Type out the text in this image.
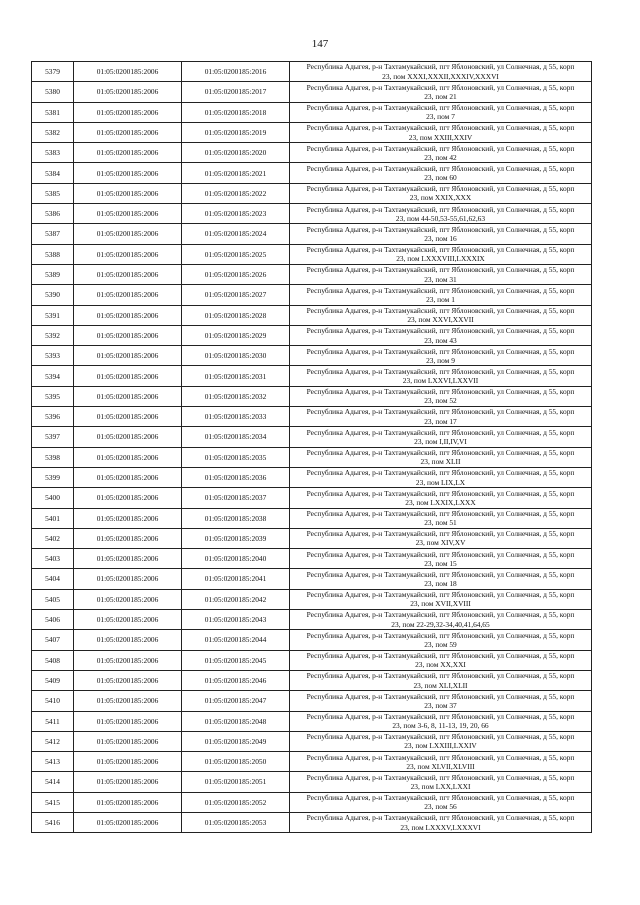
147
5379	01:05:0200185:2006	01:05:0200185:2016	Республика Адыгея, р-н Тахтамукайский, пгт Яблоновский, ул Солнечная, д 55, корп
23, пом XXXI,XXXII,XXXIV,XXXVI

5380	01:05:0200185:2006	01:05:0200185:2017	Республика Адыгея, р-н Тахтамукайский, пгт Яблоновский, ул Солнечная, д 55, корп
23, пом 21

5381	01:05:0200185:2006	01:05:0200185:2018	Республика Адыгея, р-н Тахтамукайский, пгт Яблоновский, ул Солнечная, д 55, корп
23, пом 7

5382	01:05:0200185:2006	01:05:0200185:2019	Республика Адыгея, р-н Тахтамукайский, пгт Яблоновский, ул Солнечная, д 55, корп
23, пом XXIII,XXIV

5383	01:05:0200185:2006	01:05:0200185:2020	Республика Адыгея, р-н Тахтамукайский, пгт Яблоновский, ул Солнечная, д 55, корп
23, пом 42

5384	01:05:0200185:2006	01:05:0200185:2021	Республика Адыгея, р-н Тахтамукайский, пгт Яблоновский, ул Солнечная, д 55, корп
23, пом 60

5385	01:05:0200185:2006	01:05:0200185:2022	Республика Адыгея, р-н Тахтамукайский, пгт Яблоновский, ул Солнечная, д 55, корп
23, пом XXIX,XXX

5386	01:05:0200185:2006	01:05:0200185:2023	Республика Адыгея, р-н Тахтамукайский, пгт Яблоновский, ул Солнечная, д 55, корп
23, пом 44-50,53-55,61,62,63

5387	01:05:0200185:2006	01:05:0200185:2024	Республика Адыгея, р-н Тахтамукайский, пгт Яблоновский, ул Солнечная, д 55, корп
23, пом 16

5388	01:05:0200185:2006	01:05:0200185:2025	Республика Адыгея, р-н Тахтамукайский, пгт Яблоновский, ул Солнечная, д 55, корп
23, пом LXXXVIII,LXXXIX

5389	01:05:0200185:2006	01:05:0200185:2026	Республика Адыгея, р-н Тахтамукайский, пгт Яблоновский, ул Солнечная, д 55, корп
23, пом 31

5390	01:05:0200185:2006	01:05:0200185:2027	Республика Адыгея, р-н Тахтамукайский, пгт Яблоновский, ул Солнечная, д 55, корп
23, пом 1

5391	01:05:0200185:2006	01:05:0200185:2028	Республика Адыгея, р-н Тахтамукайский, пгт Яблоновский, ул Солнечная, д 55, корп
23, пом XXVI,XXVII

5392	01:05:0200185:2006	01:05:0200185:2029	Республика Адыгея, р-н Тахтамукайский, пгт Яблоновский, ул Солнечная, д 55, корп
23, пом 43

5393	01:05:0200185:2006	01:05:0200185:2030	Республика Адыгея, р-н Тахтамукайский, пгт Яблоновский, ул Солнечная, д 55, корп
23, пом 9

5394	01:05:0200185:2006	01:05:0200185:2031	Республика Адыгея, р-н Тахтамукайский, пгт Яблоновский, ул Солнечная, д 55, корп
23, пом LXXVI,LXXVII

5395	01:05:0200185:2006	01:05:0200185:2032	Республика Адыгея, р-н Тахтамукайский, пгт Яблоновский, ул Солнечная, д 55, корп
23, пом 52

5396	01:05:0200185:2006	01:05:0200185:2033	Республика Адыгея, р-н Тахтамукайский, пгт Яблоновский, ул Солнечная, д 55, корп
23, пом 17

5397	01:05:0200185:2006	01:05:0200185:2034	Республика Адыгея, р-н Тахтамукайский, пгт Яблоновский, ул Солнечная, д 55, корп
23, пом I,II,IV,VI

5398	01:05:0200185:2006	01:05:0200185:2035	Республика Адыгея, р-н Тахтамукайский, пгт Яблоновский, ул Солнечная, д 55, корп
23, пом XLII

5399	01:05:0200185:2006	01:05:0200185:2036	Республика Адыгея, р-н Тахтамукайский, пгт Яблоновский, ул Солнечная, д 55, корп
23, пом LIX,LX

5400	01:05:0200185:2006	01:05:0200185:2037	Республика Адыгея, р-н Тахтамукайский, пгт Яблоновский, ул Солнечная, д 55, корп
23, пом LXXIX,LXXX

5401	01:05:0200185:2006	01:05:0200185:2038	Республика Адыгея, р-н Тахтамукайский, пгт Яблоновский, ул Солнечная, д 55, корп
23, пом 51

5402	01:05:0200185:2006	01:05:0200185:2039	Республика Адыгея, р-н Тахтамукайский, пгт Яблоновский, ул Солнечная, д 55, корп
23, пом XIV,XV

5403	01:05:0200185:2006	01:05:0200185:2040	Республика Адыгея, р-н Тахтамукайский, пгт Яблоновский, ул Солнечная, д 55, корп
23, пом 15

5404	01:05:0200185:2006	01:05:0200185:2041	Республика Адыгея, р-н Тахтамукайский, пгт Яблоновский, ул Солнечная, д 55, корп
23, пом 18

5405	01:05:0200185:2006	01:05:0200185:2042	Республика Адыгея, р-н Тахтамукайский, пгт Яблоновский, ул Солнечная, д 55, корп
23, пом XVII,XVIII

5406	01:05:0200185:2006	01:05:0200185:2043	Республика Адыгея, р-н Тахтамукайский, пгт Яблоновский, ул Солнечная, д 55, корп
23, пом 22-29,32-34,40,41,64,65

5407	01:05:0200185:2006	01:05:0200185:2044	Республика Адыгея, р-н Тахтамукайский, пгт Яблоновский, ул Солнечная, д 55, корп
23, пом 59

5408	01:05:0200185:2006	01:05:0200185:2045	Республика Адыгея, р-н Тахтамукайский, пгт Яблоновский, ул Солнечная, д 55, корп
23, пом XX,XXI

5409	01:05:0200185:2006	01:05:0200185:2046	Республика Адыгея, р-н Тахтамукайский, пгт Яблоновский, ул Солнечная, д 55, корп
23, пом XLI,XLII

5410	01:05:0200185:2006	01:05:0200185:2047	Республика Адыгея, р-н Тахтамукайский, пгт Яблоновский, ул Солнечная, д 55, корп
23, пом 37

5411	01:05:0200185:2006	01:05:0200185:2048	Республика Адыгея, р-н Тахтамукайский, пгт Яблоновский, ул Солнечная, д 55, корп
23, пом 3-6, 8, 11-13, 19, 20, 66

5412	01:05:0200185:2006	01:05:0200185:2049	Республика Адыгея, р-н Тахтамукайский, пгт Яблоновский, ул Солнечная, д 55, корп
23, пом LXXIII,LXXIV

5413	01:05:0200185:2006	01:05:0200185:2050	Республика Адыгея, р-н Тахтамукайский, пгт Яблоновский, ул Солнечная, д 55, корп
23, пом XLVII,XLVIII

5414	01:05:0200185:2006	01:05:0200185:2051	Республика Адыгея, р-н Тахтамукайский, пгт Яблоновский, ул Солнечная, д 55, корп
23, пом LXX,LXXI

5415	01:05:0200185:2006	01:05:0200185:2052	Республика Адыгея, р-н Тахтамукайский, пгт Яблоновский, ул Солнечная, д 55, корп
23, пом 56

5416	01:05:0200185:2006	01:05:0200185:2053	Республика Адыгея, р-н Тахтамукайский, пгт Яблоновский, ул Солнечная, д 55, корп
23, пом LXXXV,LXXXVI
